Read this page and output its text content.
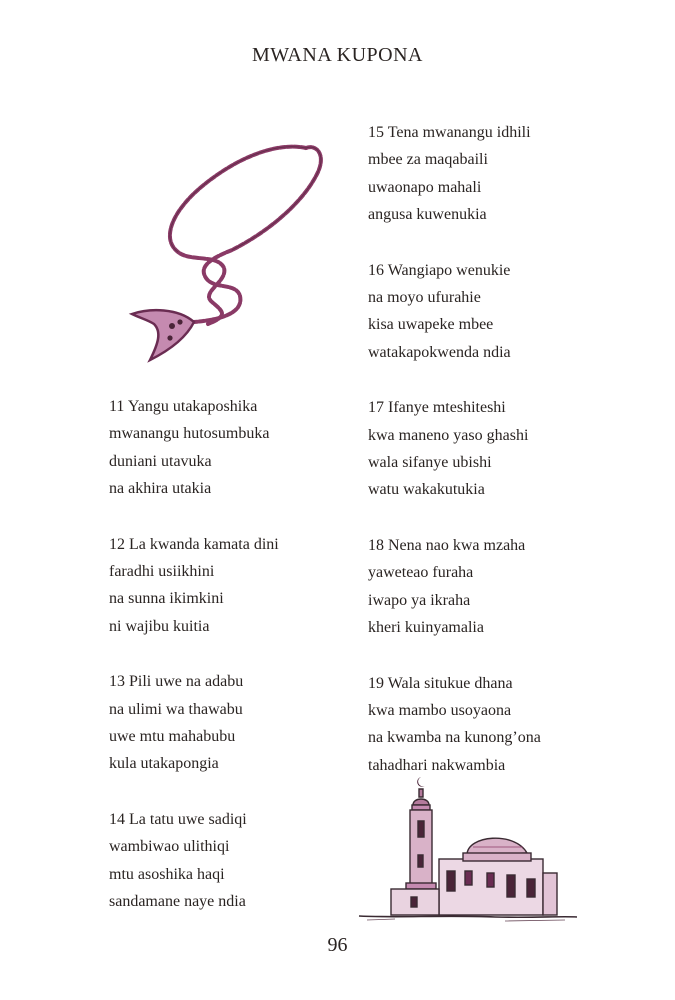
MWANA KUPONA
11 Yangu utakaposhika
mwanangu hutosumbuka
duniani utavuka
na akhira utakia
12 La kwanda kamata dini
faradhi usiikhini
na sunna ikimkini
ni wajibu kuitia
13 Pili uwe na adabu
na ulimi wa thawabu
uwe mtu mahabubu
kula utakapongia
14 La tatu uwe sadiqi
wambiwao ulithiqi
mtu asoshika haqi
sandamane naye ndia
15 Tena mwanangu idhili
mbee za maqabaili
uwaonapo mahali
angusa kuwenukia
16 Wangiapo wenukie
na moyo ufurahie
kisa uwapeke mbee
watakapokwenda ndia
17 Ifanye mteshiteshi
kwa maneno yaso ghashi
wala sifanye ubishi
watu wakakutukia
18 Nena nao kwa mzaha
yaweteao furaha
iwapo ya ikraha
kheri kuinyamalia
19 Wala situkue dhana
kwa mambo usoyaona
na kwamba na kunong’ona
tahadhari nakwambia
96
